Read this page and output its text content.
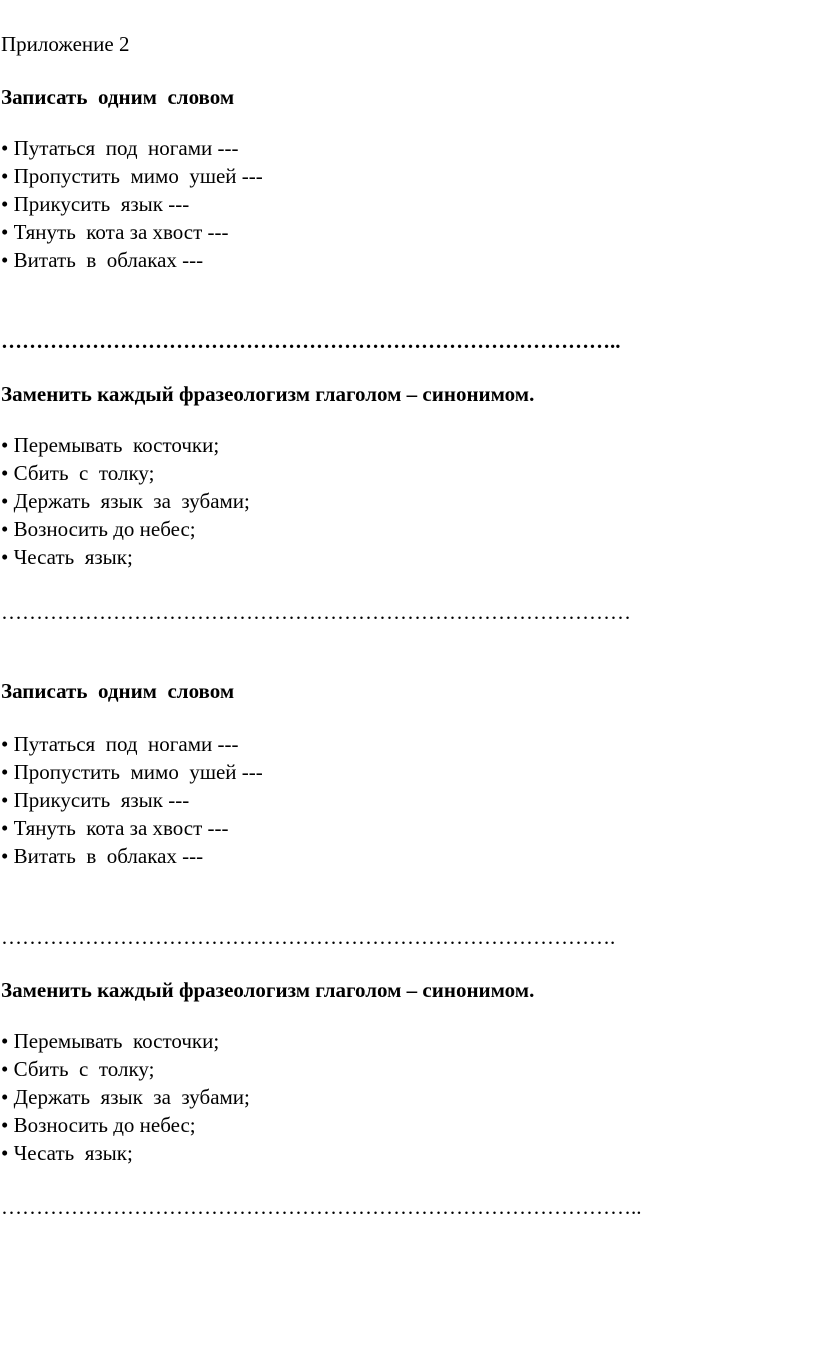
Приложение 2
Записать  одним  словом
• Путаться  под  ногами ---
• Пропустить  мимо  ушей ---
• Прикусить  язык ---
• Тянуть  кота за хвост ---
• Витать  в  облаках ---
……………………………………………………………………………..
Заменить каждый фразеологизм глаголом – синонимом.
• Перемывать  косточки;
• Сбить  с  толку;
• Держать  язык  за  зубами;
• Возносить до небес;
• Чесать  язык;
………………………………………………………………………………
Записать  одним  словом
• Путаться  под  ногами ---
• Пропустить  мимо  ушей ---
• Прикусить  язык ---
• Тянуть  кота за хвост ---
• Витать  в  облаках ---
…………………………………………………………………………….
Заменить каждый фразеологизм глаголом – синонимом.
• Перемывать  косточки;
• Сбить  с  толку;
• Держать  язык  за  зубами;
• Возносить до небес;
• Чесать  язык;
………………………………………………………………………………..
